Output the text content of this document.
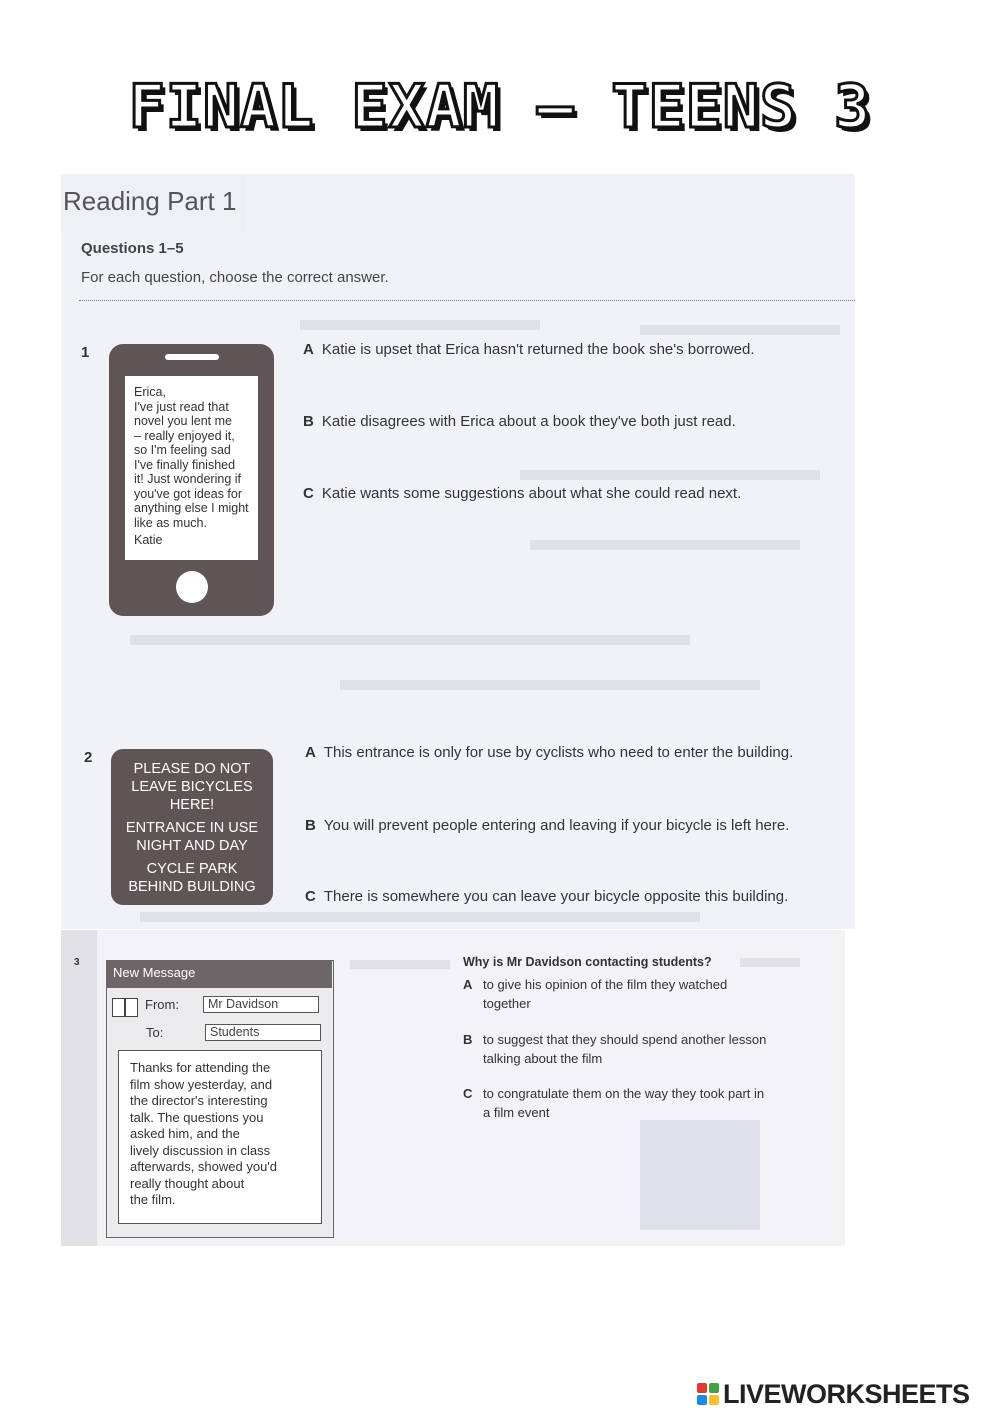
FINAL EXAM — TEENS 3
Reading Part 1
Questions 1–5
For each question, choose the correct answer.
1
Erica,
I've just read that
novel you lent me
– really enjoyed it,
so I'm feeling sad
I've finally finished
it! Just wondering if
you've got ideas for
anything else I might
like as much.
Katie
A Katie is upset that Erica hasn't returned the book she's borrowed.
B Katie disagrees with Erica about a book they've both just read.
C Katie wants some suggestions about what she could read next.
2
PLEASE DO NOT
LEAVE BICYCLES
HERE!
ENTRANCE IN USE
NIGHT AND DAY
CYCLE PARK
BEHIND BUILDING
A This entrance is only for use by cyclists who need to enter the building.
B You will prevent people entering and leaving if your bicycle is left here.
C There is somewhere you can leave your bicycle opposite this building.
3
New Message
From:	Mr Davidson
To:	Students
Thanks for attending the
film show yesterday, and
the director's interesting
talk. The questions you
asked him, and the
lively discussion in class
afterwards, showed you'd
really thought about
the film.
Why is Mr Davidson contacting students?
A to give his opinion of the film they watched
together
B to suggest that they should spend another lesson
talking about the film
C to congratulate them on the way they took part in
a film event
LIVEWORKSHEETS
